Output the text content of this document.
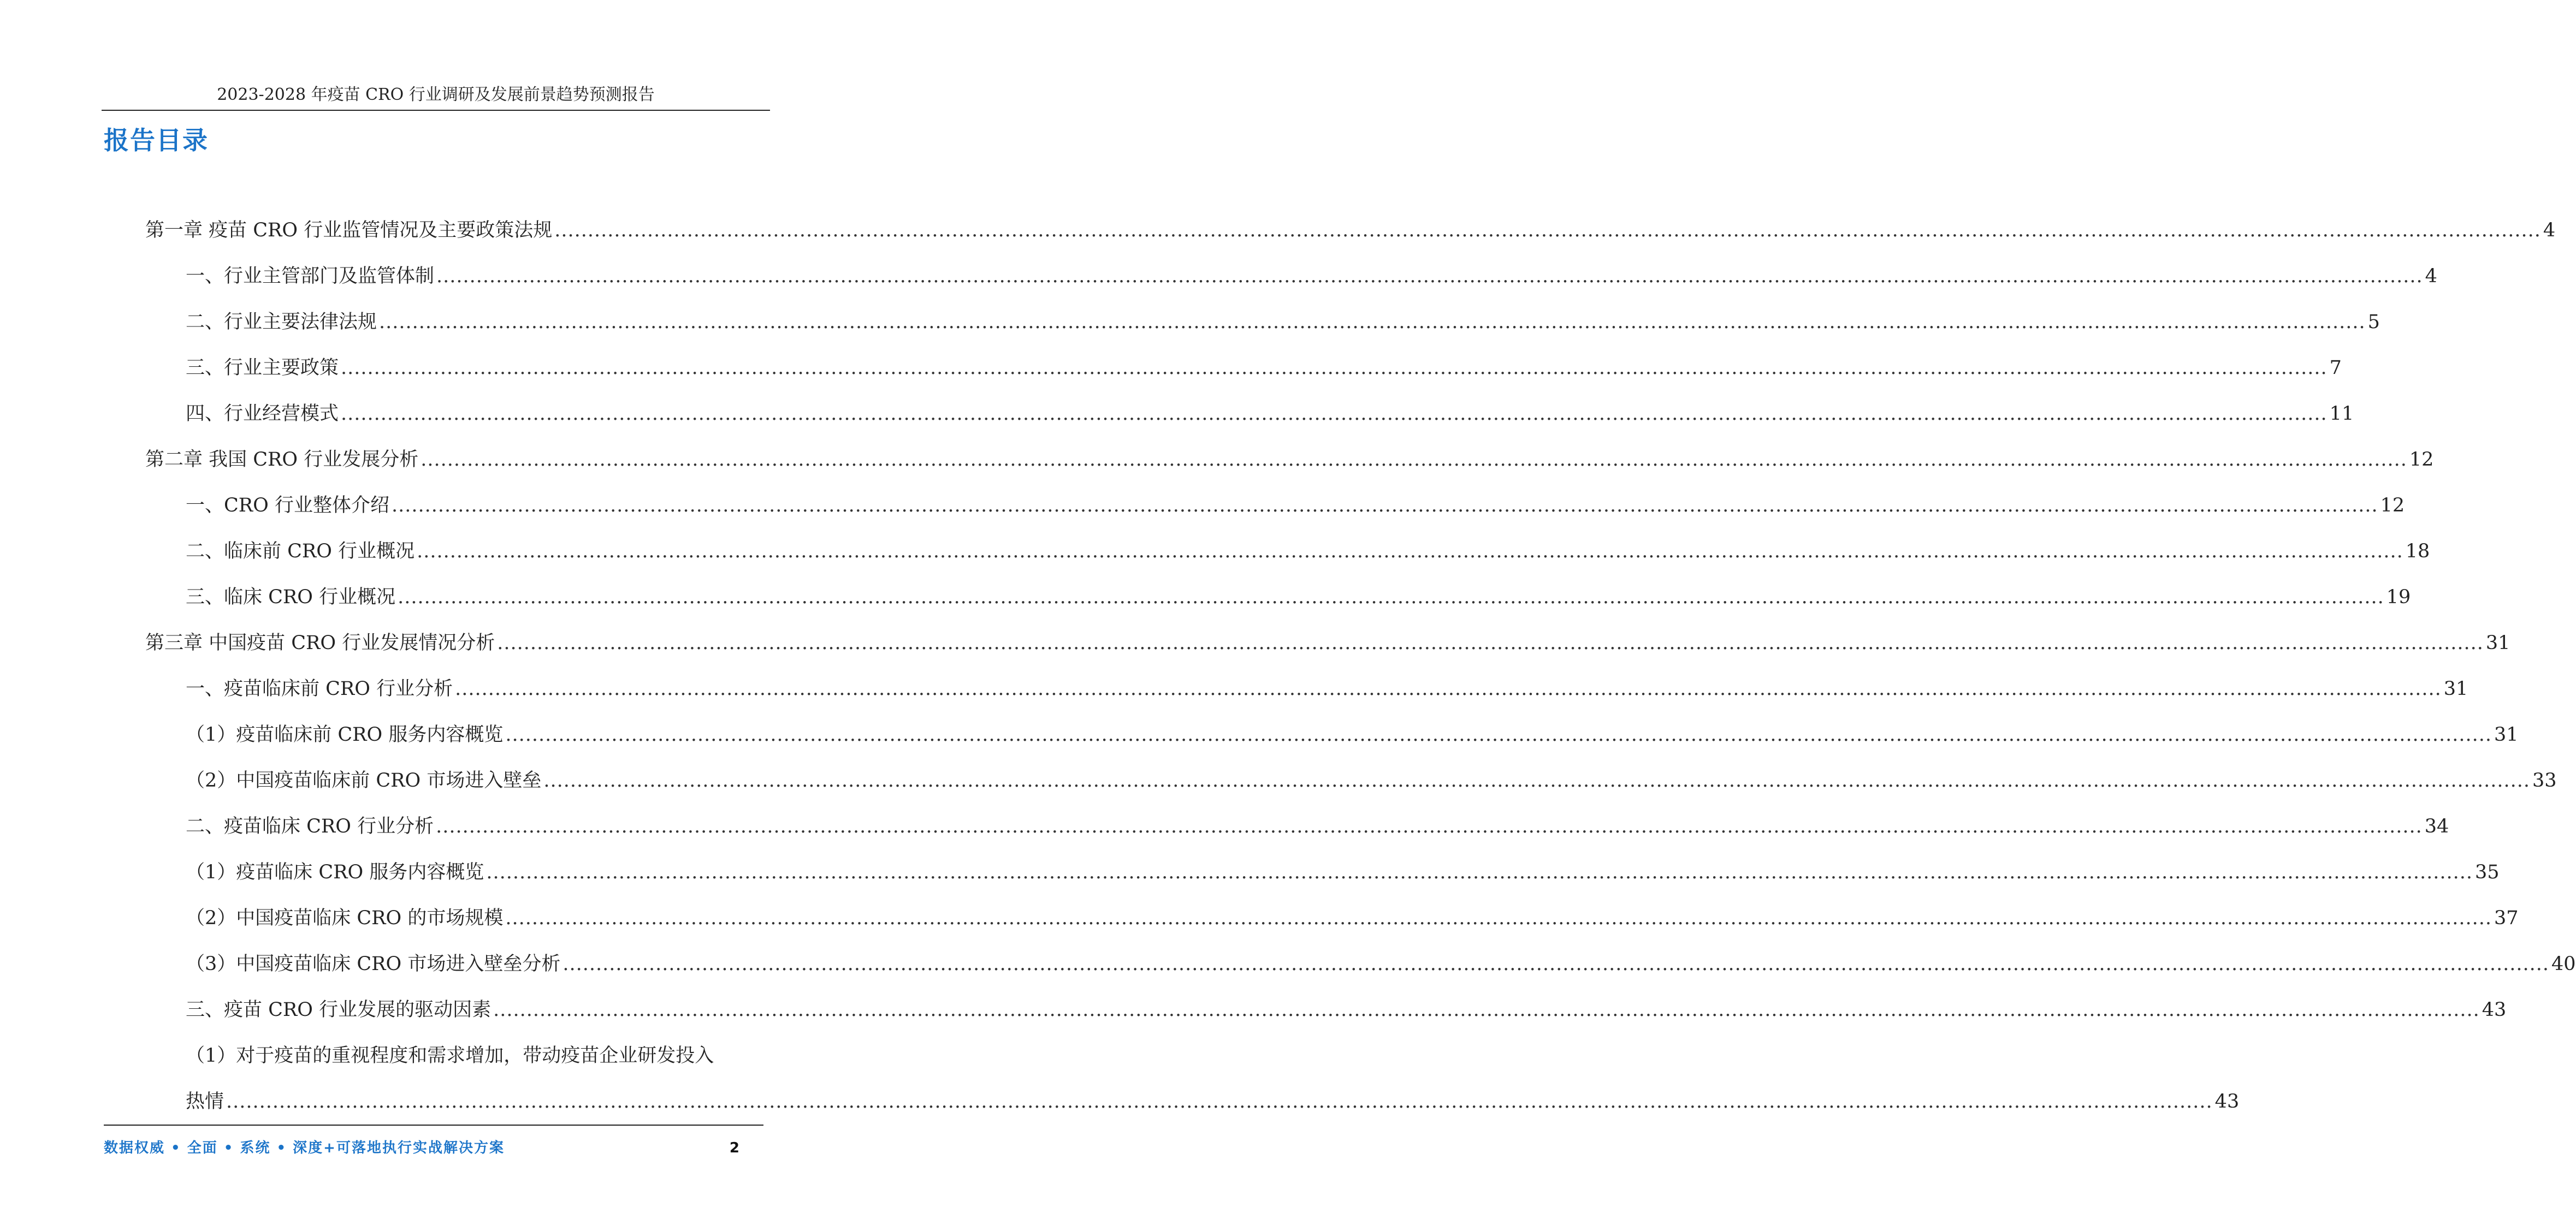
2023-2028 年疫苗 CRO 行业调研及发展前景趋势预测报告
报告目录
第一章 疫苗 CRO 行业监管情况及主要政策法规 ............................................................................................................................................................................................................................................................................................................ 4
一、行业主管部门及监管体制 ............................................................................................................................................................................................................................................................................................................ 4
二、行业主要法律法规 ............................................................................................................................................................................................................................................................................................................ 5
三、行业主要政策 ............................................................................................................................................................................................................................................................................................................ 7
四、行业经营模式 ............................................................................................................................................................................................................................................................................................................ 11
第二章 我国 CRO 行业发展分析 ............................................................................................................................................................................................................................................................................................................ 12
一、CRO 行业整体介绍 ............................................................................................................................................................................................................................................................................................................ 12
二、临床前 CRO 行业概况 ............................................................................................................................................................................................................................................................................................................ 18
三、临床 CRO 行业概况 ............................................................................................................................................................................................................................................................................................................ 19
第三章 中国疫苗 CRO 行业发展情况分析 ............................................................................................................................................................................................................................................................................................................ 31
一、疫苗临床前 CRO 行业分析 ............................................................................................................................................................................................................................................................................................................ 31
（1）疫苗临床前 CRO 服务内容概览 ............................................................................................................................................................................................................................................................................................................ 31
（2）中国疫苗临床前 CRO 市场进入壁垒 ............................................................................................................................................................................................................................................................................................................ 33
二、疫苗临床 CRO 行业分析 ............................................................................................................................................................................................................................................................................................................ 34
（1）疫苗临床 CRO 服务内容概览 ............................................................................................................................................................................................................................................................................................................ 35
（2）中国疫苗临床 CRO 的市场规模 ............................................................................................................................................................................................................................................................................................................ 37
（3）中国疫苗临床 CRO 市场进入壁垒分析 ............................................................................................................................................................................................................................................................................................................ 40
三、疫苗 CRO 行业发展的驱动因素 ............................................................................................................................................................................................................................................................................................................ 43
（1）对于疫苗的重视程度和需求增加，带动疫苗企业研发投入
热情 ............................................................................................................................................................................................................................................................................................................ 43
数据权威 • 全面 • 系统 • 深度+可落地执行实战解决方案	2
